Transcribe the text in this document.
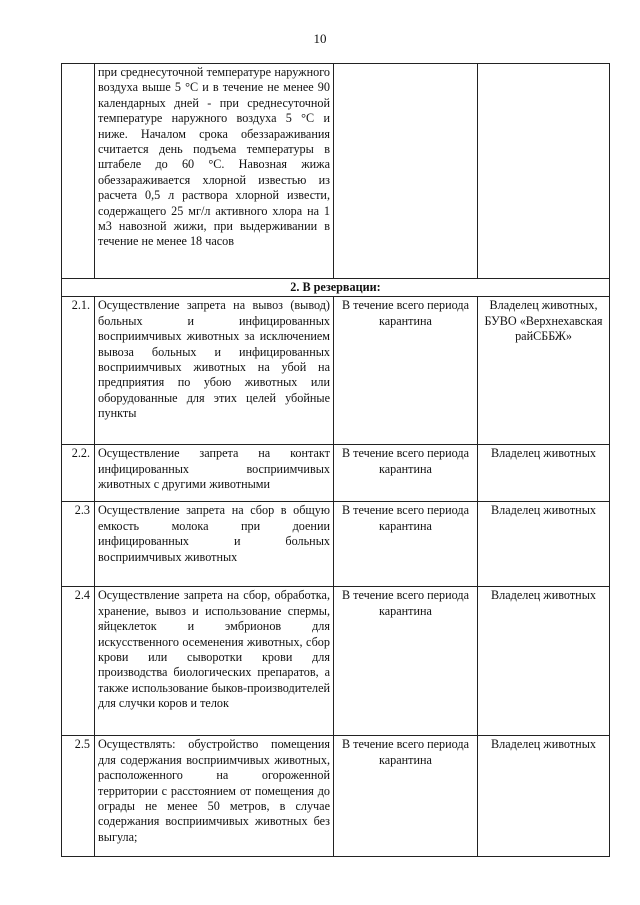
10
	при среднесуточной температуре наружного воздуха выше 5 °С и в течение не менее 90 календарных дней - при среднесуточной температуре наружного воздуха 5 °С и ниже. Началом срока обеззараживания считается день подъема температуры в штабеле до 60 °С. Навозная жижа обеззараживается хлорной известью из расчета 0,5 л раствора хлорной извести, содержащего 25 мг/л активного хлора на 1 м3 навозной жижи, при выдерживании в течение не менее 18 часов		
2. В резервации:			
2.1.	Осуществление запрета на вывоз (вывод) больных и инфицированных восприимчивых животных за исключением вывоза больных и инфицированных восприимчивых животных на убой на предприятия по убою животных или оборудованные для этих целей убойные пункты	В течение всего периода карантина	Владелец животных, БУВО «Верхнехавская райСББЖ»
2.2.	Осуществление запрета на контакт инфицированных восприимчивых животных с другими животными	В течение всего периода карантина	Владелец животных
2.3	Осуществление запрета на сбор в общую емкость молока при доении инфицированных и больных восприимчивых животных	В течение всего периода карантина	Владелец животных
2.4	Осуществление запрета на сбор, обработка, хранение, вывоз и использование спермы, яйцеклеток и эмбрионов для искусственного осеменения животных, сбор крови или сыворотки крови для производства биологических препаратов, а также использование быков-производителей для случки коров и телок	В течение всего периода карантина	Владелец животных
2.5	Осуществлять: обустройство помещения для содержания восприимчивых животных, расположенного на огороженной территории с расстоянием от помещения до ограды не менее 50 метров, в случае содержания восприимчивых животных без выгула;	В течение всего периода карантина	Владелец животных
